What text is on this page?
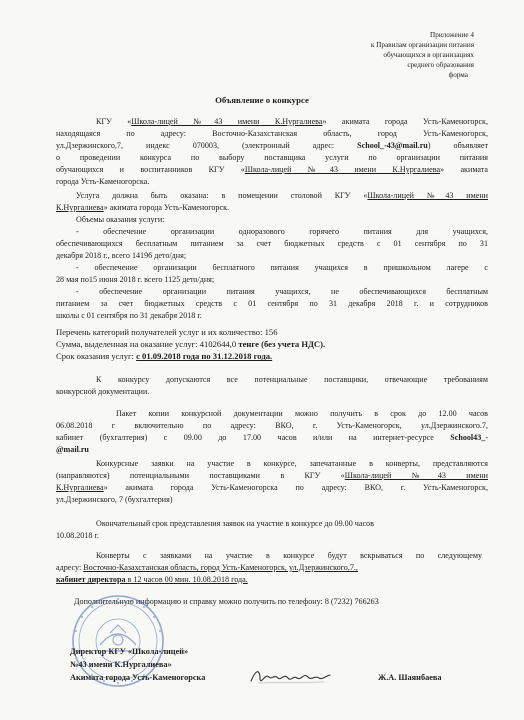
Приложение 4
к Правилам организации питания
обучающихся в организациях
среднего образования
форма
Объявление о конкурсе
КГУ «Школа-лицей №43 имени К.Нургалиева» акимата города Усть-Каменогорск,
находящаяся по адресу: Восточно-Казахстанская область, город Усть-Каменогорск,
ул.Дзержинского,7, индекс 070003, (электронный адрес: School_-43@mail.ru) объявляет
о проведении конкурса по выбору поставщика услуги по организации питания
обучающихся и воспитанников КГУ «Школа-лицей №43 имени К.Нургалиева» акимата
города Усть-Каменогорска.
Услуга должна быть оказана: в помещении столовой КГУ «Школа-лицей №43 имени
К.Нургалиева» акимата города Усть-Каменогорск.
Объемы оказания услуги:
- обеспечение организации одноразового горячего питания для учащихся,
обеспечивающихся бесплатным питанием за счет бюджетных средств с 01 сентября по 31
декабря 2018 г., всего 14196 дето/дня;
- обеспечение организации бесплатного питания учащихся в пришкольном лагере с
28 мая по15 июня 2018 г. всего 1125 дето/дня;
- обеспечение организации питания учащихся, не обеспечивающихся бесплатным
питанием за счет бюджетных средств с 01 сентября по 31 декабря 2018 г. и сотрудников
школы с 01 сентября по 31 декабря 2018 г.
Перечень категорий получателей услуг и их количество: 156
Сумма, выделенная на оказание услуг: 4102644,0 тенге (без учета НДС).
Срок оказания услуг: с 01.09.2018 года по 31.12.2018 года.
К конкурсу допускаются все потенциальные поставщики, отвечающие требованиям
конкурсной документации.
Пакет копии конкурсной документации можно получить в срок до 12.00 часов
06.08.2018 г включительно по адресу: ВКО, г. Усть-Каменогорск, ул.Дзержинского.7,
кабинет (бухгалтерия) с 09.00 до 17.00 часов и/или на интернет-ресурсе School43_-
@mail.ru
Конкурсные заявки на участие в конкурсе, запечатанные в конверты, представляются
(направляются) потенциальными поставщиками в КГУ «Школа-лицей №43 имени
К.Нургалиева» акимата города Усть-Каменогорска по адресу: ВКО, г. Усть-Каменогорск,
ул.Дзержинского, 7 (бухгалтерия)
Окончательный срок представления заявок на участие в конкурсе до 09.00 часов
10.08.2018 г.
Конверты с заявками на участие в конкурсе будут вскрываться по следующему
адресу: Восточно-Казахстанская область, город Усть-Каменогорск, ул.Дзержинского,7.,
кабинет директора в 12 часов 00 мин. 10.08.2018 года.
Дополнительную информацию и справку можно получить по телефону: 8 (7232) 766263
Директор КГУ «Школа-лицей»
№43 имени К.Нургалиева»
Акимата города Усть-Каменогорска	Ж.А. Шаянбаева
